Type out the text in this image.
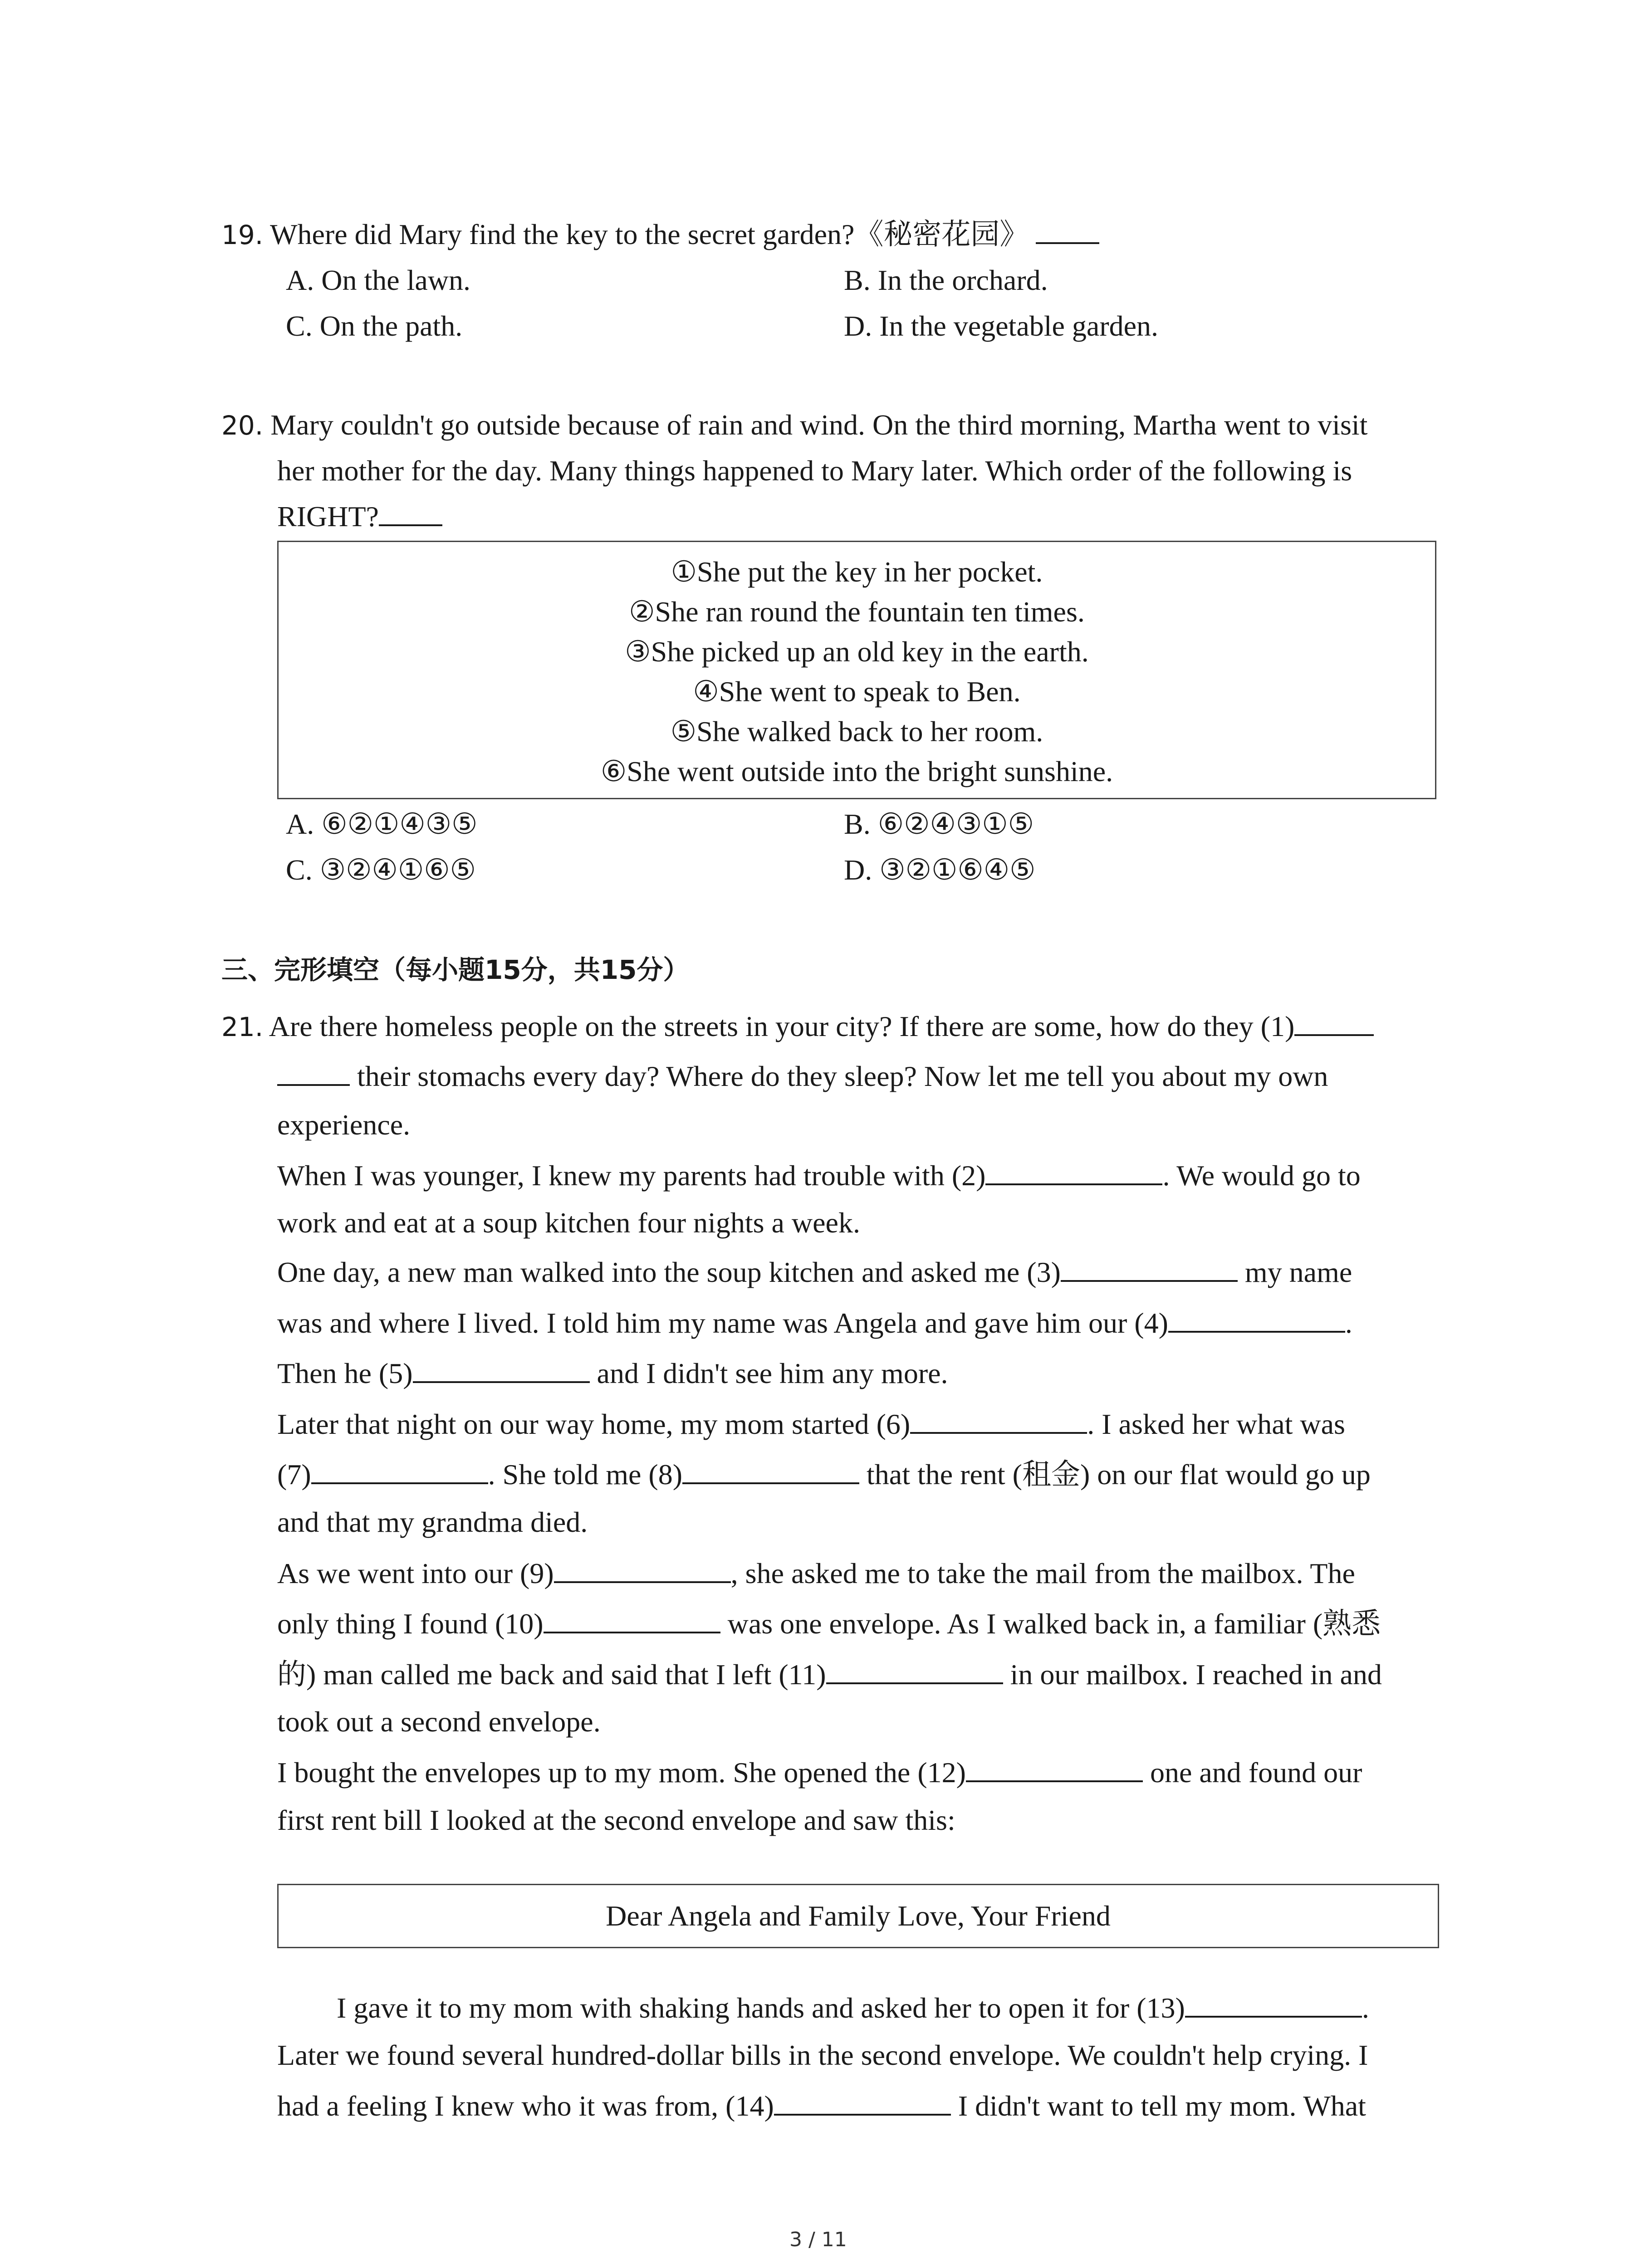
19. Where did Mary find the key to the secret garden?《秘密花园》
A. On the lawn.	B. In the orchard.
C. On the path.	D. In the vegetable garden.
20. Mary couldn't go outside because of rain and wind. On the third morning, Martha went to visit
her mother for the day. Many things happened to Mary later. Which order of the following is
RIGHT?
①She put the key in her pocket.
②She ran round the fountain ten times.
③She picked up an old key in the earth.
④She went to speak to Ben.
⑤She walked back to her room.
⑥She went outside into the bright sunshine.
A. ⑥②①④③⑤	B. ⑥②④③①⑤
C. ③②④①⑥⑤	D. ③②①⑥④⑤
三、完形填空（每小题15分，共15分）
21. Are there homeless people on the streets in your city? If there are some, how do they (1)
their stomachs every day? Where do they sleep? Now let me tell you about my own
experience.
When I was younger, I knew my parents had trouble with (2)	. We would go to
work and eat at a soup kitchen four nights a week.
One day, a new man walked into the soup kitchen and asked me (3)	my name
was and where I lived. I told him my name was Angela and gave him our (4)	.
Then he (5)	and I didn't see him any more.
Later that night on our way home, my mom started (6)	. I asked her what was
(7)	. She told me (8)	that the rent (租金) on our flat would go up
and that my grandma died.
As we went into our (9)	, she asked me to take the mail from the mailbox. The
only thing I found (10)	was one envelope. As I walked back in, a familiar (熟悉
的) man called me back and said that I left (11)	in our mailbox. I reached in and
took out a second envelope.
I bought the envelopes up to my mom. She opened the (12)	one and found our
first rent bill I looked at the second envelope and saw this:
Dear Angela and Family Love, Your Friend
I gave it to my mom with shaking hands and asked her to open it for (13)	.
Later we found several hundred-dollar bills in the second envelope. We couldn't help crying. I
had a feeling I knew who it was from, (14)	I didn't want to tell my mom. What
3 / 11
